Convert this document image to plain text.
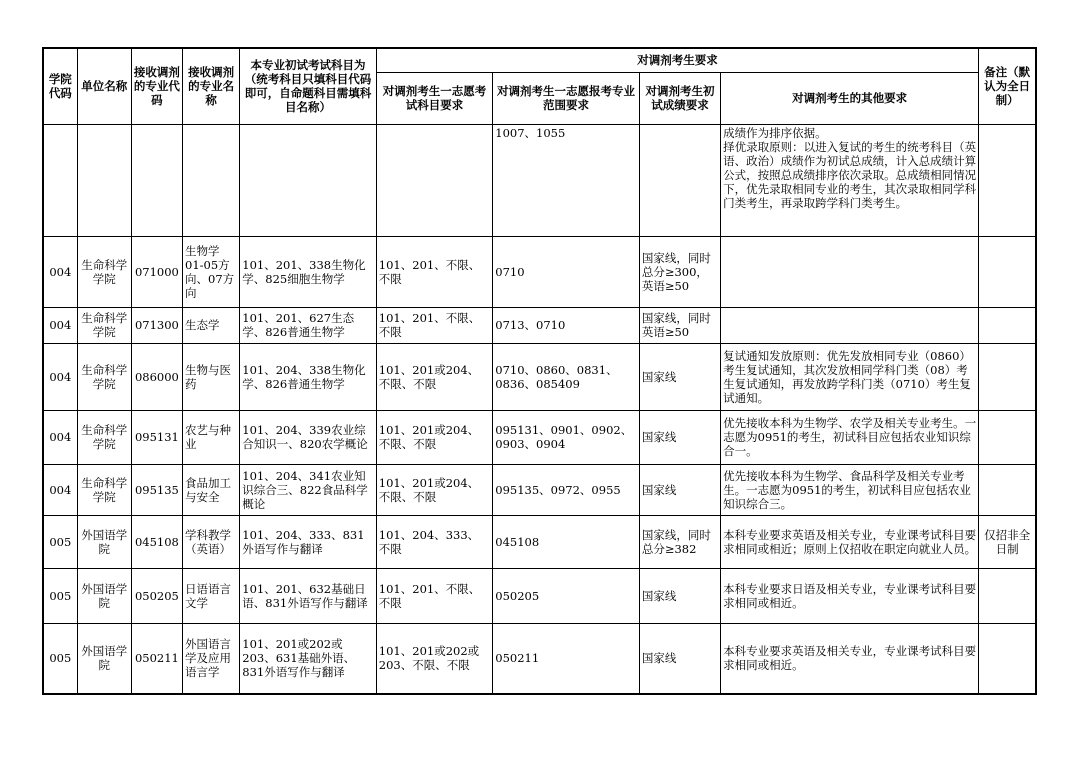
学院代码	单位名称	接收调剂的专业代码	接收调剂的专业名称	本专业初试考试科目为（统考科目只填科目代码即可，自命题科目需填科目名称）	对调剂考生要求				备注（默认为全日制）
					对调剂考生一志愿考试科目要求	对调剂考生一志愿报考专业范围要求	对调剂考生初试成绩要求	对调剂考生的其他要求	
						1007、1055		成绩作为排序依据。
择优录取原则：以进入复试的考生的统考科目（英语、政治）成绩作为初试总成绩，计入总成绩计算公式，按照总成绩排序依次录取。总成绩相同情况下，优先录取相同专业的考生，其次录取相同学科门类考生，再录取跨学科门类考生。	
004	生命科学学院	071000	生物学01-05方向、07方向	101、201、338生物化学、825细胞生物学	101、201、不限、不限	0710	国家线，同时总分≥300，英语≥50		
004	生命科学学院	071300	生态学	101、201、627生态学、826普通生物学	101、201、不限、不限	0713、0710	国家线，同时英语≥50		
004	生命科学学院	086000	生物与医药	101、204、338生物化学、826普通生物学	101、201或204、不限、不限	0710、0860、0831、0836、085409	国家线	复试通知发放原则：优先发放相同专业（0860）考生复试通知，其次发放相同学科门类（08）考生复试通知，再发放跨学科门类（0710）考生复试通知。	
004	生命科学学院	095131	农艺与种业	101、204、339农业综合知识一、820农学概论	101、201或204、不限、不限	095131、0901、0902、0903、0904	国家线	优先接收本科为生物学、农学及相关专业考生。一志愿为0951的考生，初试科目应包括农业知识综合一。	
004	生命科学学院	095135	食品加工与安全	101、204、341农业知识综合三、822食品科学概论	101、201或204、不限、不限	095135、0972、0955	国家线	优先接收本科为生物学、食品科学及相关专业考生。一志愿为0951的考生，初试科目应包括农业知识综合三。	
005	外国语学院	045108	学科教学（英语）	101、204、333、831外语写作与翻译	101、204、333、不限	045108	国家线，同时总分≥382	本科专业要求英语及相关专业，专业课考试科目要求相同或相近；原则上仅招收在职定向就业人员。	仅招非全日制
005	外国语学院	050205	日语语言文学	101、201、632基础日语、831外语写作与翻译	101、201、不限、不限	050205	国家线	本科专业要求日语及相关专业，专业课考试科目要求相同或相近。	
005	外国语学院	050211	外国语言学及应用语言学	101、201或202或203、631基础外语、831外语写作与翻译	101、201或202或203、不限、不限	050211	国家线	本科专业要求英语及相关专业，专业课考试科目要求相同或相近。	
